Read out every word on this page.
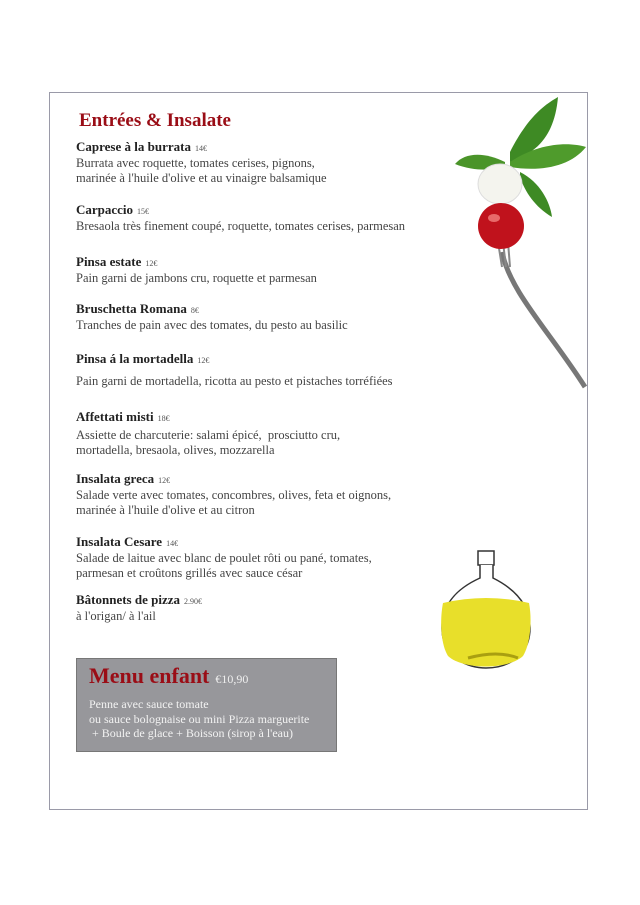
Entrées & Insalate
Caprese à la burrata 14€
Burrata avec roquette, tomates cerises, pignons,
marinée à l'huile d'olive et au vinaigre balsamique
Carpaccio 15€
Bresaola très finement coupé, roquette, tomates cerises, parmesan
Pinsa estate 12€
Pain garni de jambons cru, roquette et parmesan
Bruschetta Romana 8€
Tranches de pain avec des tomates, du pesto au basilic
Pinsa á la mortadella 12€
Pain garni de mortadella, ricotta au pesto et pistaches torréfiées
Affettati misti 18€
Assiette de charcuterie: salami épicé,  prosciutto cru,
mortadella, bresaola, olives, mozzarella
Insalata greca 12€
Salade verte avec tomates, concombres, olives, feta et oignons,
marinée à l'huile d'olive et au citron
Insalata Cesare 14€
Salade de laitue avec blanc de poulet rôti ou pané, tomates,
parmesan et croûtons grillés avec sauce césar
Bâtonnets de pizza 2.90€
à l'origan/ à l'ail
Menu enfant €10,90
Penne avec sauce tomate
ou sauce bolognaise ou mini Pizza marguerite
+ Boule de glace + Boisson (sirop à l'eau)
